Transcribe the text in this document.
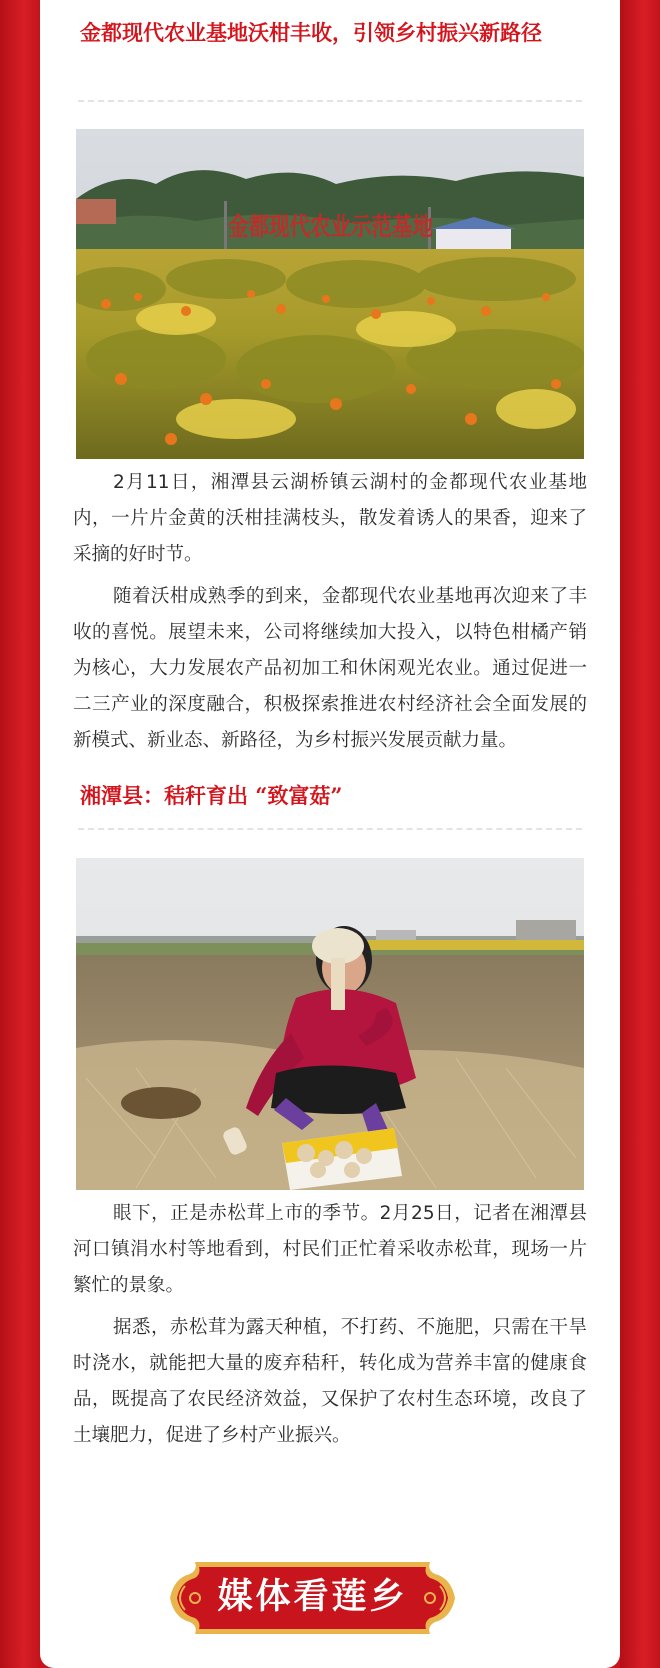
金都现代农业基地沃柑丰收，引领乡村振兴新路径
金都现代农业示范基地

2月11日，湘潭县云湖桥镇云湖村的金都现代农业基地内，一片片金黄的沃柑挂满枝头，散发着诱人的果香，迎来了采摘的好时节。

随着沃柑成熟季的到来，金都现代农业基地再次迎来了丰收的喜悦。展望未来，公司将继续加大投入，以特色柑橘产销为核心，大力发展农产品初加工和休闲观光农业。通过促进一二三产业的深度融合，积极探索推进农村经济社会全面发展的新模式、新业态、新路径，为乡村振兴发展贡献力量。

湘潭县：秸秆育出 “致富菇”

眼下，正是赤松茸上市的季节。2月25日，记者在湘潭县河口镇涓水村等地看到，村民们正忙着采收赤松茸，现场一片繁忙的景象。

据悉，赤松茸为露天种植，不打药、不施肥，只需在干旱时浇水，就能把大量的废弃秸秆，转化成为营养丰富的健康食品，既提高了农民经济效益，又保护了农村生态环境，改良了土壤肥力，促进了乡村产业振兴。

媒体看莲乡
